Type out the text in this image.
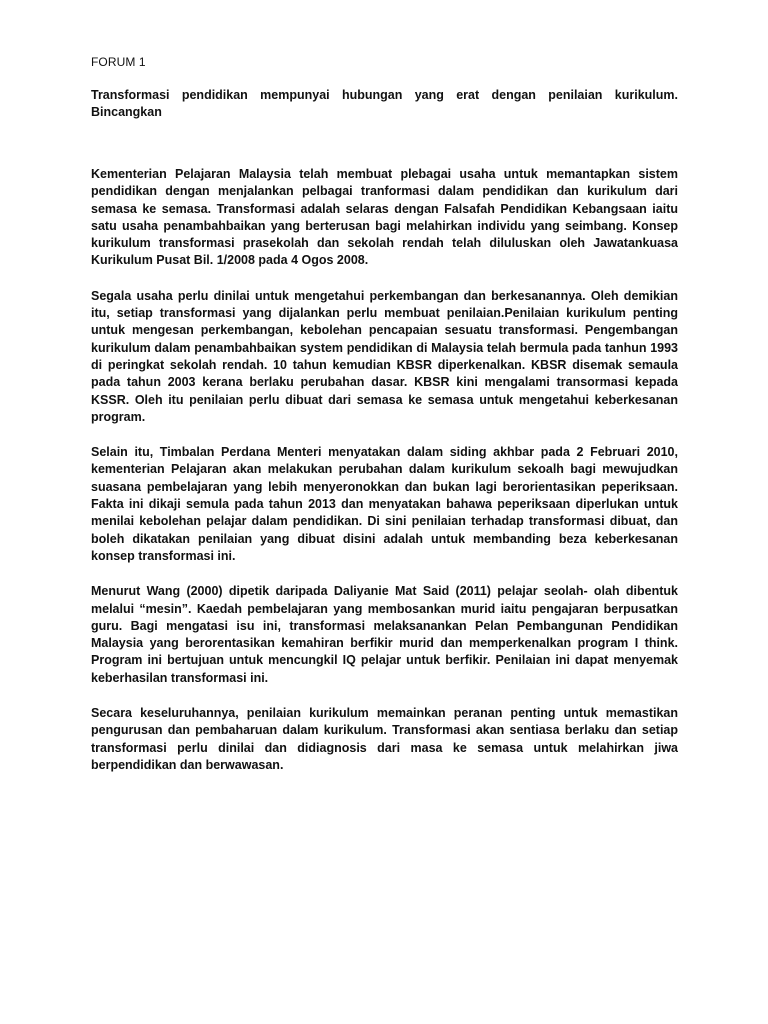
FORUM 1
Transformasi pendidikan mempunyai hubungan yang erat dengan penilaian kurikulum. Bincangkan

Kementerian Pelajaran Malaysia telah membuat plebagai usaha untuk memantapkan sistem pendidikan dengan menjalankan pelbagai tranformasi dalam pendidikan dan kurikulum dari semasa ke semasa. Transformasi adalah selaras dengan Falsafah Pendidikan Kebangsaan iaitu satu usaha penambahbaikan yang berterusan bagi melahirkan individu yang seimbang. Konsep kurikulum transformasi prasekolah dan sekolah rendah telah diluluskan oleh Jawatankuasa Kurikulum Pusat Bil. 1/2008 pada 4 Ogos 2008.

Segala usaha perlu dinilai untuk mengetahui perkembangan dan berkesanannya. Oleh demikian itu, setiap transformasi yang dijalankan perlu membuat penilaian.Penilaian kurikulum penting untuk mengesan perkembangan, kebolehan pencapaian sesuatu transformasi. Pengembangan kurikulum dalam penambahbaikan system pendidikan di Malaysia telah bermula pada tanhun 1993 di peringkat sekolah rendah. 10 tahun kemudian KBSR diperkenalkan. KBSR disemak semaula pada tahun 2003 kerana berlaku perubahan dasar. KBSR kini mengalami transormasi kepada KSSR. Oleh itu penilaian perlu dibuat dari semasa ke semasa untuk mengetahui keberkesanan program.

Selain itu, Timbalan Perdana Menteri menyatakan dalam siding akhbar pada 2 Februari 2010, kementerian Pelajaran akan melakukan perubahan dalam kurikulum sekoalh bagi mewujudkan suasana pembelajaran yang lebih menyeronokkan dan bukan lagi berorientasikan peperiksaan. Fakta ini dikaji semula pada tahun 2013 dan menyatakan bahawa peperiksaan diperlukan untuk menilai kebolehan pelajar dalam pendidikan. Di sini penilaian terhadap transformasi dibuat, dan boleh dikatakan penilaian yang dibuat disini adalah untuk membanding beza keberkesanan konsep transformasi ini.

Menurut Wang (2000) dipetik daripada Daliyanie Mat Said (2011) pelajar seolah- olah dibentuk melalui “mesin”. Kaedah pembelajaran yang membosankan murid iaitu pengajaran berpusatkan guru. Bagi mengatasi isu ini, transformasi melaksanankan Pelan Pembangunan Pendidikan Malaysia yang berorentasikan kemahiran berfikir murid dan memperkenalkan program I think. Program ini bertujuan untuk mencungkil IQ pelajar untuk berfikir. Penilaian ini dapat menyemak keberhasilan transformasi ini.

Secara keseluruhannya, penilaian kurikulum memainkan peranan penting untuk memastikan pengurusan dan pembaharuan dalam kurikulum. Transformasi akan sentiasa berlaku dan setiap transformasi perlu dinilai dan didiagnosis dari masa ke semasa untuk melahirkan jiwa berpendidikan dan berwawasan.
